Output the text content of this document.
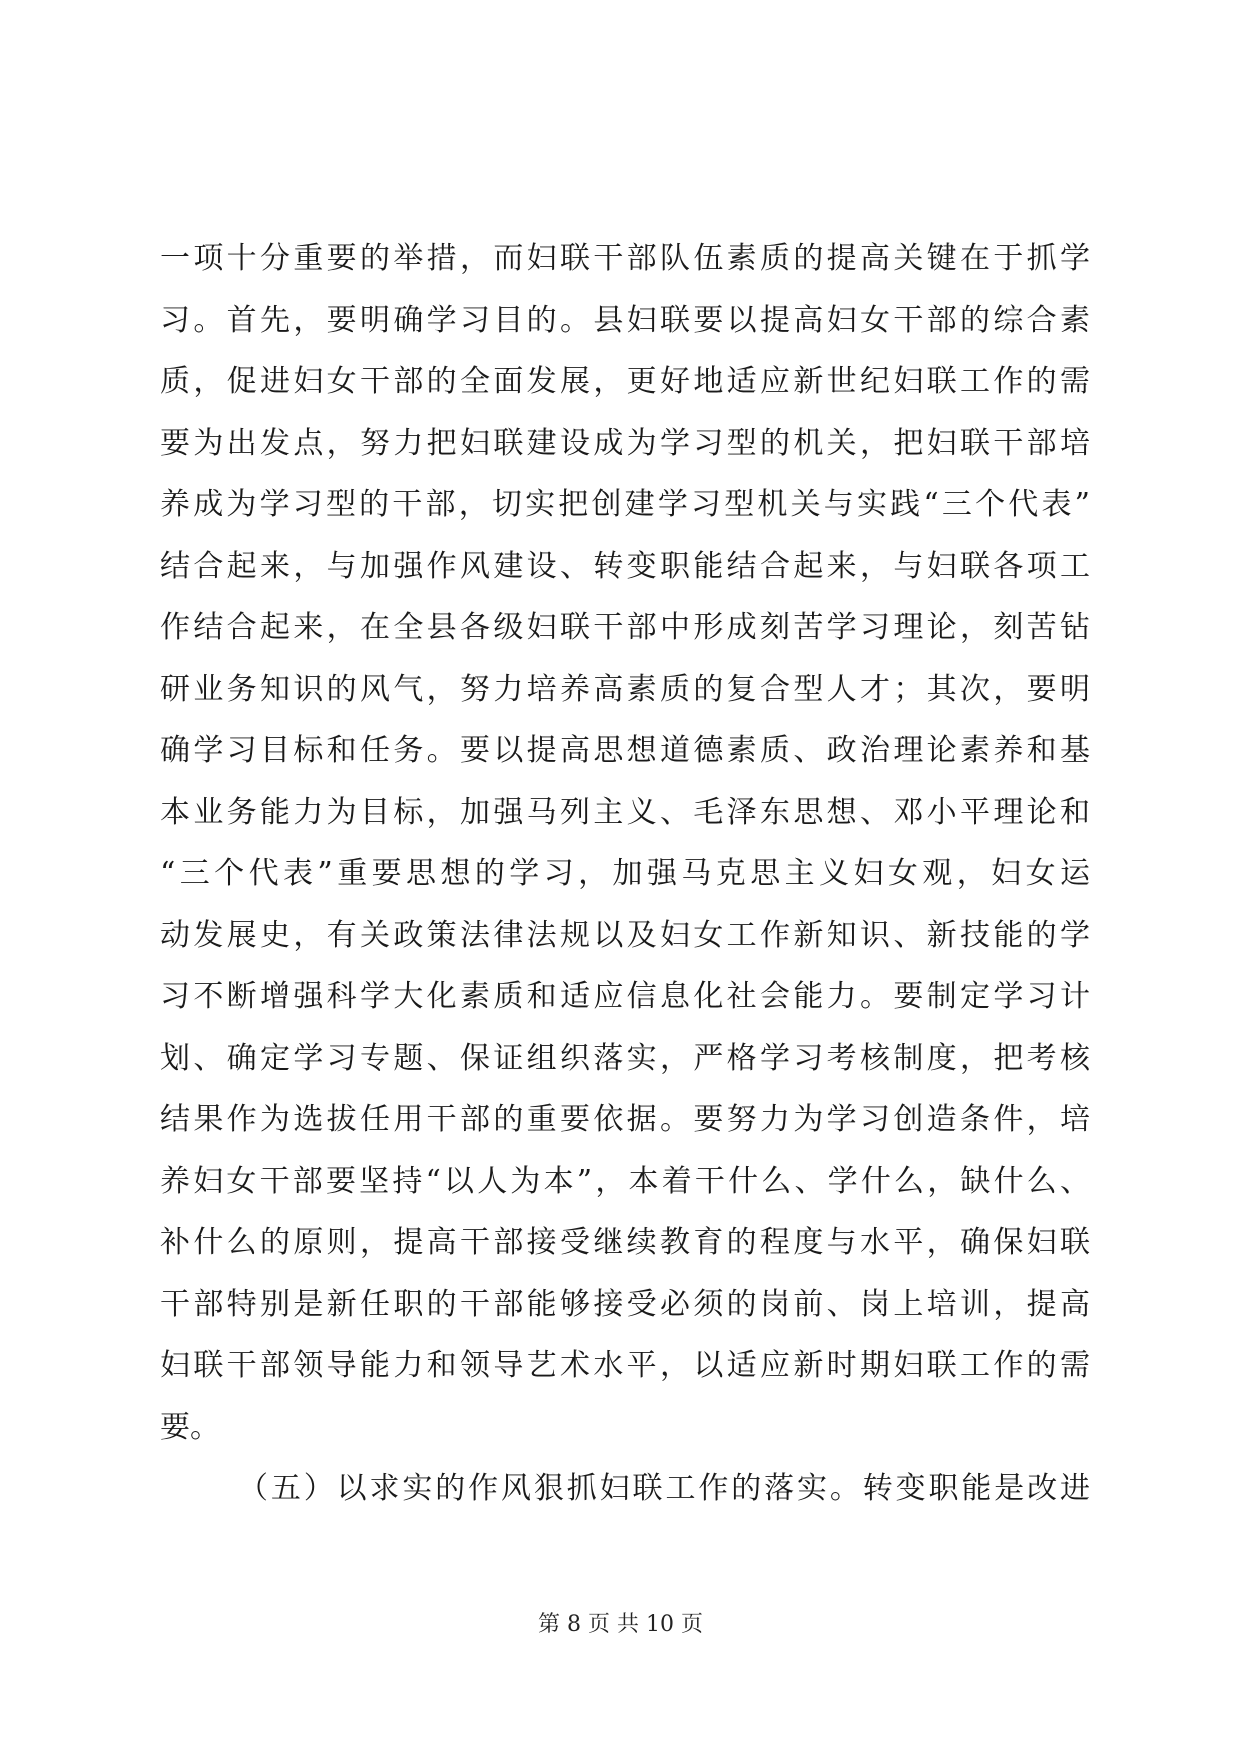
一项十分重要的举措，而妇联干部队伍素质的提高关键在于抓学
习。首先，要明确学习目的。县妇联要以提高妇女干部的综合素
质，促进妇女干部的全面发展，更好地适应新世纪妇联工作的需
要为出发点，努力把妇联建设成为学习型的机关，把妇联干部培
养成为学习型的干部，切实把创建学习型机关与实践“三个代表”
结合起来，与加强作风建设、转变职能结合起来，与妇联各项工
作结合起来，在全县各级妇联干部中形成刻苦学习理论，刻苦钻
研业务知识的风气，努力培养高素质的复合型人才；其次，要明
确学习目标和任务。要以提高思想道德素质、政治理论素养和基
本业务能力为目标，加强马列主义、毛泽东思想、邓小平理论和
“三个代表”重要思想的学习，加强马克思主义妇女观，妇女运
动发展史，有关政策法律法规以及妇女工作新知识、新技能的学
习不断增强科学大化素质和适应信息化社会能力。要制定学习计
划、确定学习专题、保证组织落实，严格学习考核制度，把考核
结果作为选拔任用干部的重要依据。要努力为学习创造条件，培
养妇女干部要坚持“以人为本”，本着干什么、学什么，缺什么、
补什么的原则，提高干部接受继续教育的程度与水平，确保妇联
干部特别是新任职的干部能够接受必须的岗前、岗上培训，提高
妇联干部领导能力和领导艺术水平，以适应新时期妇联工作的需
要。
（五）以求实的作风狠抓妇联工作的落实。转变职能是改进
第 8 页 共 10 页
